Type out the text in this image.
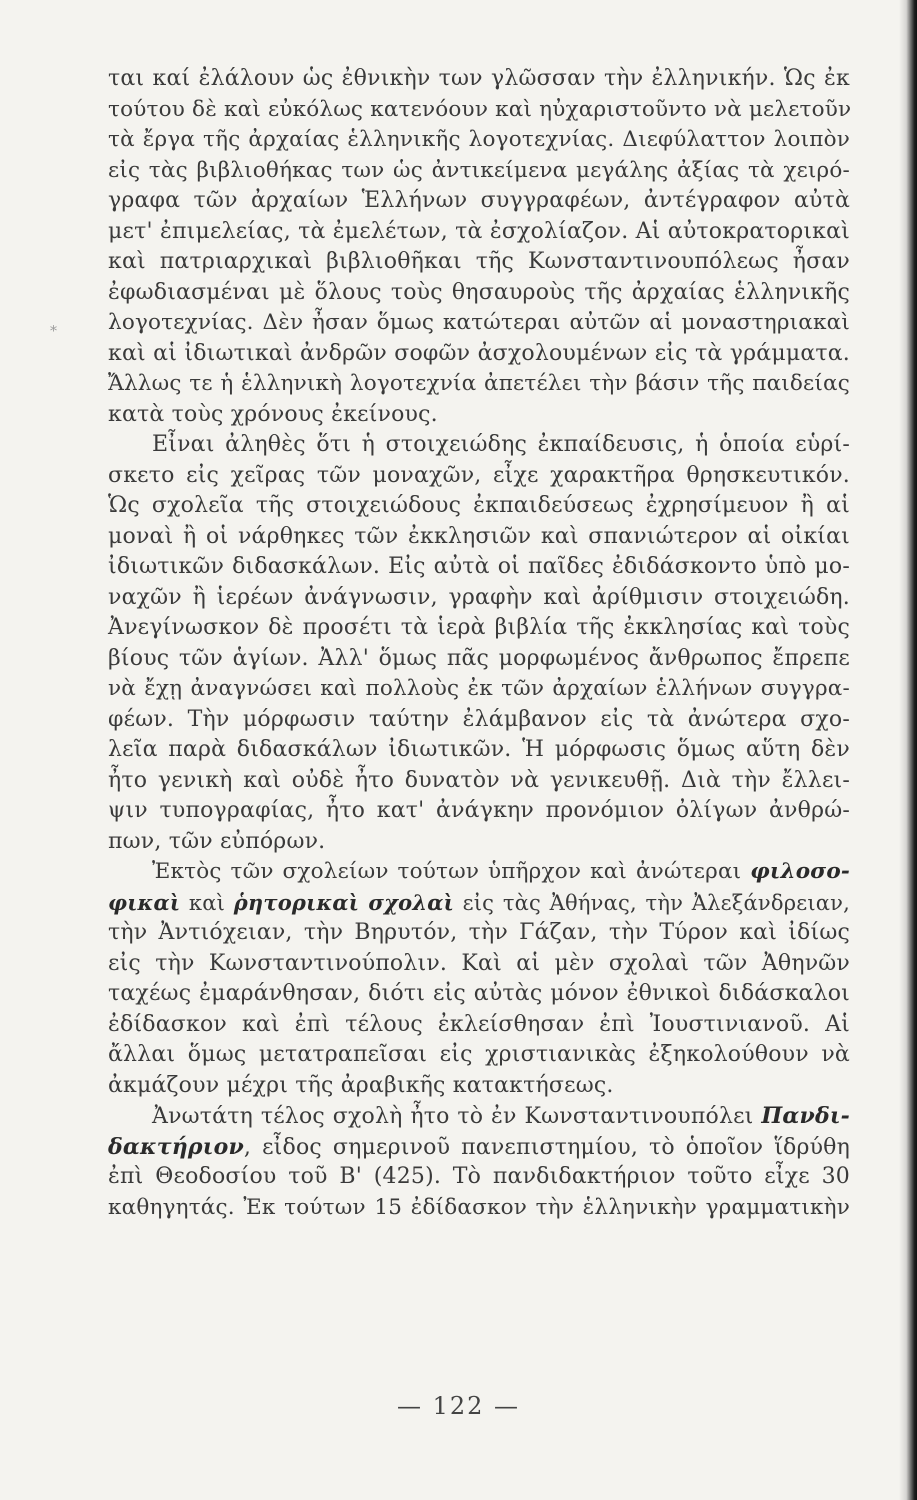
ται καί ἐλάλουν ὡς ἐθνικὴν των γλῶσσαν τὴν ἐλληνικήν. Ὡς ἐκ
τούτου δὲ καὶ εὐκόλως κατενόουν καὶ ηὐχαριστοῦντο νὰ μελετοῦν
τὰ ἔργα τῆς ἀρχαίας ἑλληνικῆς λογοτεχνίας. Διεφύλαττον λοιπὸν
εἰς τὰς βιβλιοθήκας των ὡς ἀντικείμενα μεγάλης ἀξίας τὰ χειρό-
γραφα τῶν ἀρχαίων Ἑλλήνων συγγραφέων, ἀντέγραφον αὐτὰ
μετ' ἐπιμελείας, τὰ ἐμελέτων, τὰ ἐσχολίαζον. Αἱ αὐτοκρατορικαὶ
καὶ πατριαρχικαὶ βιβλιοθῆκαι τῆς Κωνσταντινουπόλεως ἦσαν
ἐφωδιασμέναι μὲ ὅλους τοὺς θησαυροὺς τῆς ἀρχαίας ἑλληνικῆς
λογοτεχνίας. Δὲν ἦσαν ὅμως κατώτεραι αὐτῶν αἱ μοναστηριακαὶ
καὶ αἱ ἰδιωτικαὶ ἀνδρῶν σοφῶν ἀσχολουμένων εἰς τὰ γράμματα.
Ἄλλως τε ἡ ἑλληνικὴ λογοτεχνία ἀπετέλει τὴν βάσιν τῆς παιδείας
κατὰ τοὺς χρόνους ἐκείνους.
Εἶναι ἀληθὲς ὅτι ἡ στοιχειώδης ἐκπαίδευσις, ἡ ὁποία εὑρί-
σκετο εἰς χεῖρας τῶν μοναχῶν, εἶχε χαρακτῆρα θρησκευτικόν.
Ὡς σχολεῖα τῆς στοιχειώδους ἐκπαιδεύσεως ἐχρησίμευον ἢ αἱ
μοναὶ ἢ οἱ νάρθηκες τῶν ἐκκλησιῶν καὶ σπανιώτερον αἱ οἰκίαι
ἰδιωτικῶν διδασκάλων. Εἰς αὐτὰ οἱ παῖδες ἐδιδάσκοντο ὑπὸ μο-
ναχῶν ἢ ἱερέων ἀνάγνωσιν, γραφὴν καὶ ἀρίθμισιν στοιχειώδη.
Ἀνεγίνωσκον δὲ προσέτι τὰ ἱερὰ βιβλία τῆς ἐκκλησίας καὶ τοὺς
βίους τῶν ἁγίων. Ἀλλ' ὅμως πᾶς μορφωμένος ἄνθρωπος ἔπρεπε
νὰ ἔχῃ ἀναγνώσει καὶ πολλοὺς ἐκ τῶν ἀρχαίων ἑλλήνων συγγρα-
φέων. Τὴν μόρφωσιν ταύτην ἐλάμβανον εἰς τὰ ἀνώτερα σχο-
λεῖα παρὰ διδασκάλων ἰδιωτικῶν. Ἡ μόρφωσις ὅμως αὕτη δὲν
ἦτο γενικὴ καὶ οὐδὲ ἦτο δυνατὸν νὰ γενικευθῇ. Διὰ τὴν ἔλλει-
ψιν τυπογραφίας, ἦτο κατ' ἀνάγκην προνόμιον ὀλίγων ἀνθρώ-
πων, τῶν εὐπόρων.
Ἐκτὸς τῶν σχολείων τούτων ὑπῆρχον καὶ ἀνώτεραι φιλοσο-
φικαὶ καὶ ῥητορικαὶ σχολαὶ εἰς τὰς Ἀθήνας, τὴν Ἀλεξάνδρειαν,
τὴν Ἀντιόχειαν, τὴν Βηρυτόν, τὴν Γάζαν, τὴν Τύρον καὶ ἰδίως
εἰς τὴν Κωνσταντινούπολιν. Καὶ αἱ μὲν σχολαὶ τῶν Ἀθηνῶν
ταχέως ἐμαράνθησαν, διότι εἰς αὐτὰς μόνον ἐθνικοὶ διδάσκαλοι
ἐδίδασκον καὶ ἐπὶ τέλους ἐκλείσθησαν ἐπὶ Ἰουστινιανοῦ. Αἱ
ἄλλαι ὅμως μετατραπεῖσαι εἰς χριστιανικὰς ἐξηκολούθουν νὰ
ἀκμάζουν μέχρι τῆς ἀραβικῆς κατακτήσεως.
Ἀνωτάτη τέλος σχολὴ ἦτο τὸ ἐν Κωνσταντινουπόλει Πανδι-
δακτήριον, εἶδος σημερινοῦ πανεπιστημίου, τὸ ὁποῖον ἵδρύθη
ἐπὶ Θεοδοσίου τοῦ Β' (425). Τὸ πανδιδακτήριον τοῦτο εἶχε 30
καθηγητάς. Ἐκ τούτων 15 ἐδίδασκον τὴν ἑλληνικὴν γραμματικὴν
⁎
— 122 —
